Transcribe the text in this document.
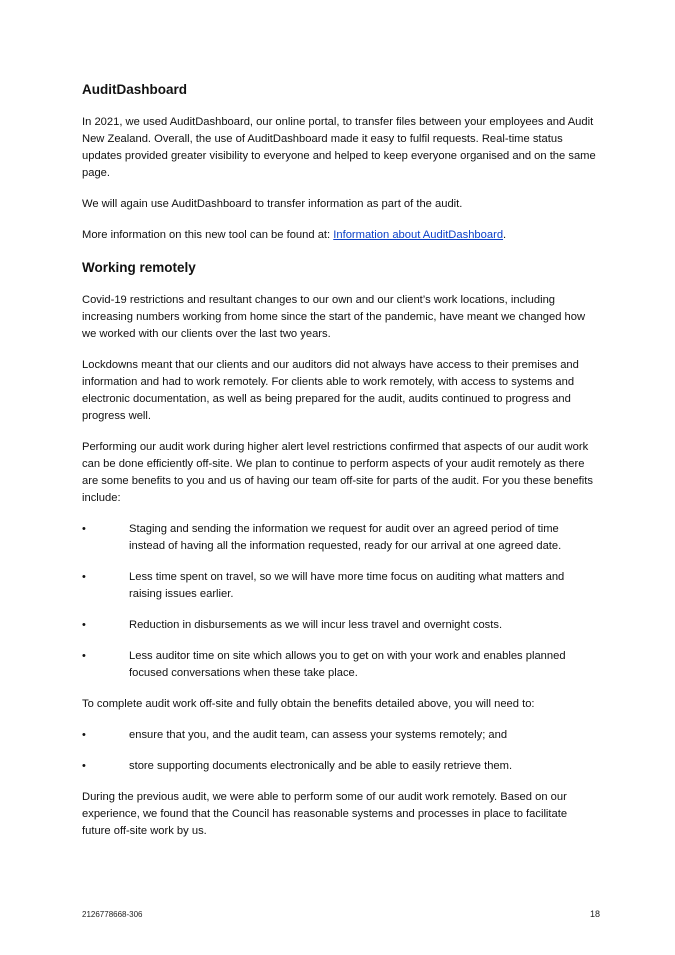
AuditDashboard

In 2021, we used AuditDashboard, our online portal, to transfer files between your employees and Audit New Zealand. Overall, the use of AuditDashboard made it easy to fulfil requests. Real-time status updates provided greater visibility to everyone and helped to keep everyone organised and on the same page.

We will again use AuditDashboard to transfer information as part of the audit.

More information on this new tool can be found at: Information about AuditDashboard.

Working remotely

Covid-19 restrictions and resultant changes to our own and our client’s work locations, including increasing numbers working from home since the start of the pandemic, have meant we changed how we worked with our clients over the last two years.

Lockdowns meant that our clients and our auditors did not always have access to their premises and information and had to work remotely. For clients able to work remotely, with access to systems and electronic documentation, as well as being prepared for the audit, audits continued to progress and progress well.

Performing our audit work during higher alert level restrictions confirmed that aspects of our audit work can be done efficiently off-site. We plan to continue to perform aspects of your audit remotely as there are some benefits to you and us of having our team off-site for parts of the audit. For you these benefits include:

•	Staging and sending the information we request for audit over an agreed period of time instead of having all the information requested, ready for our arrival at one agreed date.
•	Less time spent on travel, so we will have more time focus on auditing what matters and raising issues earlier.
•	Reduction in disbursements as we will incur less travel and overnight costs.
•	Less auditor time on site which allows you to get on with your work and enables planned focused conversations when these take place.

To complete audit work off-site and fully obtain the benefits detailed above, you will need to:

•	ensure that you, and the audit team, can assess your systems remotely; and
•	store supporting documents electronically and be able to easily retrieve them.

During the previous audit, we were able to perform some of our audit work remotely. Based on our experience, we found that the Council has reasonable systems and processes in place to facilitate future off-site work by us.

2126778668-306	18
